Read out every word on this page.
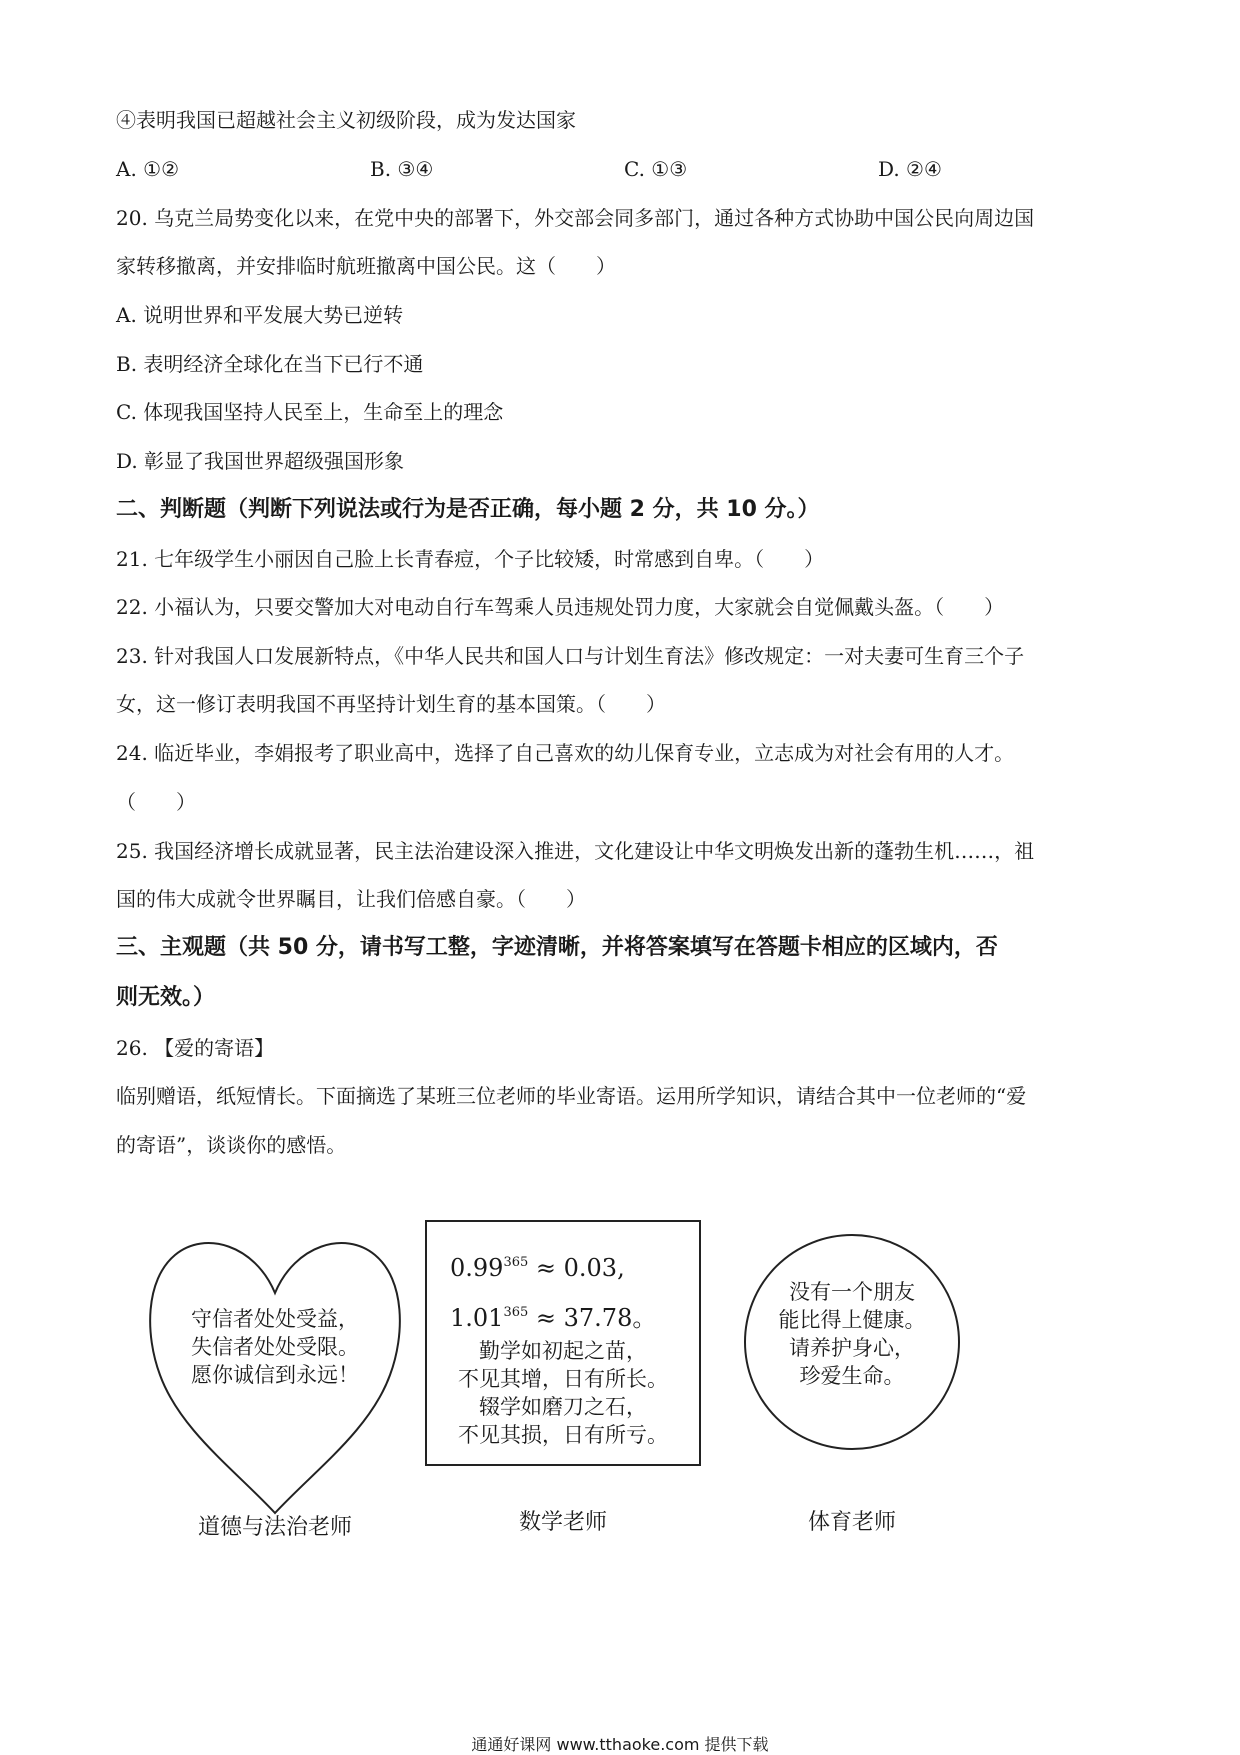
④表明我国已超越社会主义初级阶段，成为发达国家
A. ①②	B. ③④	C. ①③	D. ②④
20. 乌克兰局势变化以来，在党中央的部署下，外交部会同多部门，通过各种方式协助中国公民向周边国
家转移撤离，并安排临时航班撤离中国公民。这（　　）
A. 说明世界和平发展大势已逆转
B. 表明经济全球化在当下已行不通
C. 体现我国坚持人民至上，生命至上的理念
D. 彰显了我国世界超级强国形象
二、判断题（判断下列说法或行为是否正确，每小题 2 分，共 10 分。）
21. 七年级学生小丽因自己脸上长青春痘，个子比较矮，时常感到自卑。（　　）
22. 小福认为，只要交警加大对电动自行车驾乘人员违规处罚力度，大家就会自觉佩戴头盔。（　　）
23. 针对我国人口发展新特点，《中华人民共和国人口与计划生育法》修改规定：一对夫妻可生育三个子
女，这一修订表明我国不再坚持计划生育的基本国策。（　　）
24. 临近毕业，李娟报考了职业高中，选择了自己喜欢的幼儿保育专业，立志成为对社会有用的人才。
（　　）
25. 我国经济增长成就显著，民主法治建设深入推进，文化建设让中华文明焕发出新的蓬勃生机……，祖
国的伟大成就令世界瞩目，让我们倍感自豪。（　　）
三、主观题（共 50 分，请书写工整，字迹清晰，并将答案填写在答题卡相应的区域内，否
则无效。）
26. 【爱的寄语】
临别赠语，纸短情长。下面摘选了某班三位老师的毕业寄语。运用所学知识，请结合其中一位老师的“爱
的寄语”，谈谈你的感悟。
守信者处处受益，
失信者处处受限。
愿你诚信到永远！
道德与法治老师
$0.99^{365} \approx 0.03$,
$1.01^{365} \approx 37.78$。
勤学如初起之苗，
不见其增，日有所长。
辍学如磨刀之石，
不见其损，日有所亏。
数学老师
没有一个朋友
能比得上健康。
请养护身心，
珍爱生命。
体育老师
通通好课网 www.tthaoke.com 提供下载
